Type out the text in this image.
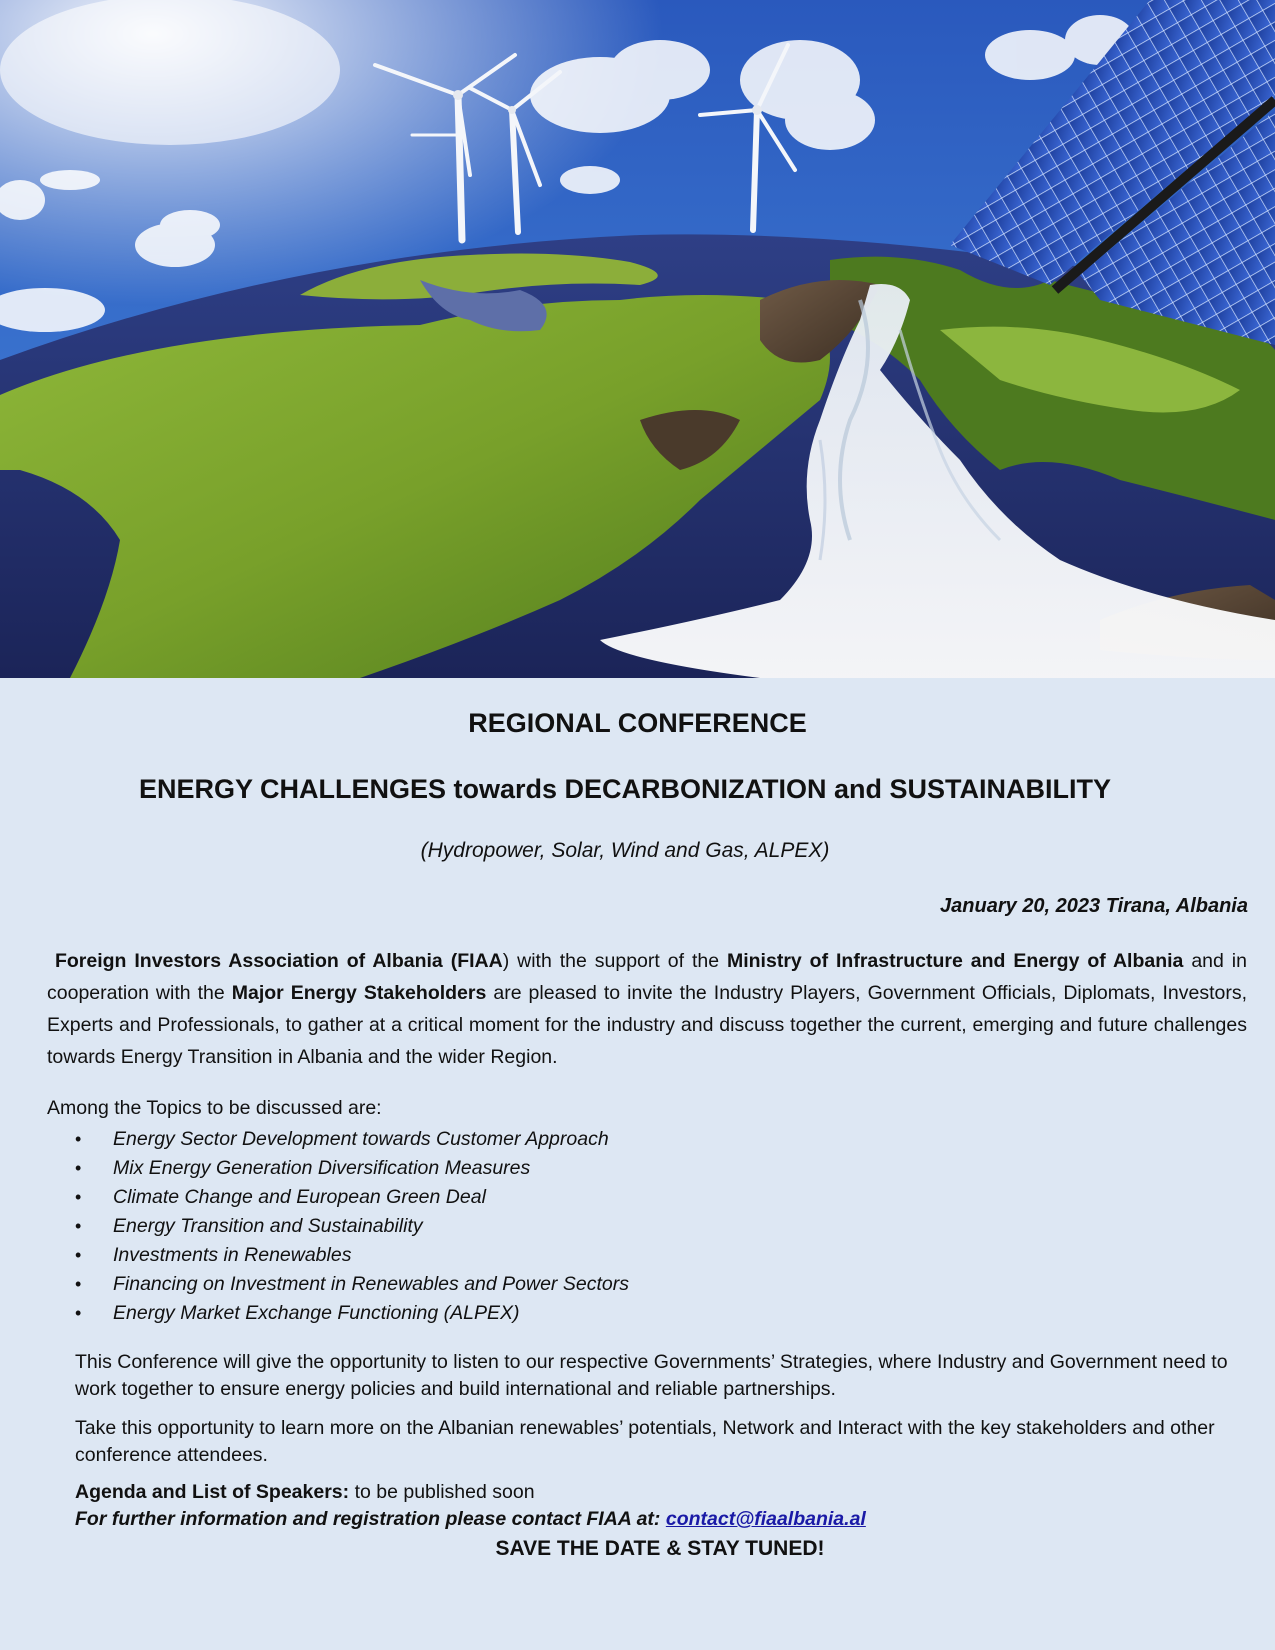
REGIONAL CONFERENCE
ENERGY CHALLENGES towards DECARBONIZATION and SUSTAINABILITY
(Hydropower, Solar, Wind and Gas, ALPEX)
January 20, 2023 Tirana, Albania

Foreign Investors Association of Albania (FIAA) with the support of the Ministry of Infrastructure and Energy of Albania and in cooperation with the Major Energy Stakeholders are pleased to invite the Industry Players, Government Officials, Diplomats, Investors, Experts and Professionals, to gather at a critical moment for the industry and discuss together the current, emerging and future challenges towards Energy Transition in Albania and the wider Region.

Among the Topics to be discussed are:
• Energy Sector Development towards Customer Approach
• Mix Energy Generation Diversification Measures
• Climate Change and European Green Deal
• Energy Transition and Sustainability
• Investments in Renewables
• Financing on Investment in Renewables and Power Sectors
• Energy Market Exchange Functioning (ALPEX)

This Conference will give the opportunity to listen to our respective Governments’ Strategies, where Industry and Government need to work together to ensure energy policies and build international and reliable partnerships.

Take this opportunity to learn more on the Albanian renewables’ potentials, Network and Interact with the key stakeholders and other conference attendees.

Agenda and List of Speakers: to be published soon
For further information and registration please contact FIAA at: contact@fiaalbania.al
SAVE THE DATE & STAY TUNED!
